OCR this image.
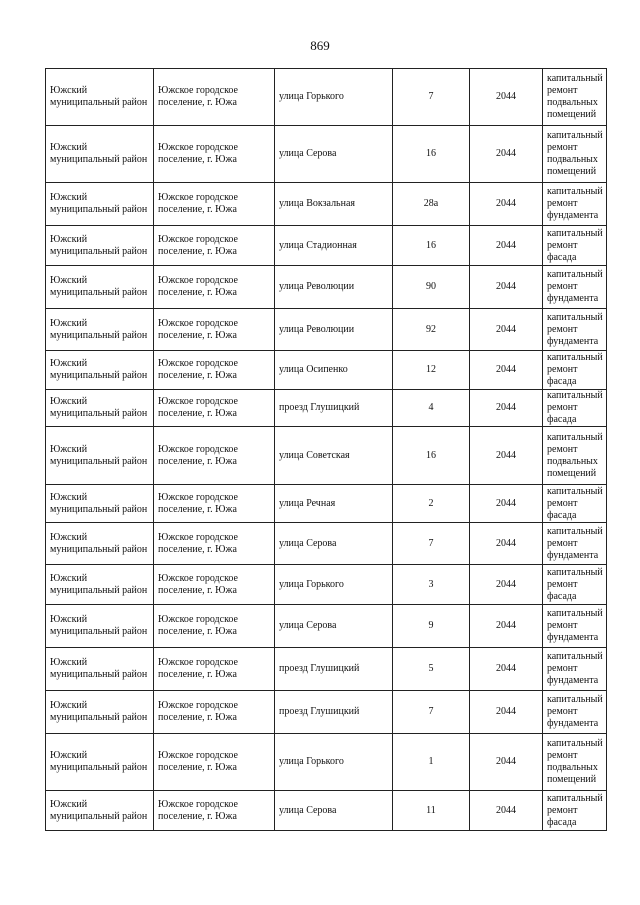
869
Южский муниципальный район	Южское городское поселение, г. Южа	улица Горького	7	2044	капитальный ремонт подвальных помещений
Южский муниципальный район	Южское городское поселение, г. Южа	улица Серова	16	2044	капитальный ремонт подвальных помещений
Южский муниципальный район	Южское городское поселение, г. Южа	улица Вокзальная	28а	2044	капитальный ремонт фундамента
Южский муниципальный район	Южское городское поселение, г. Южа	улица Стадионная	16	2044	капитальный ремонт фасада
Южский муниципальный район	Южское городское поселение, г. Южа	улица Революции	90	2044	капитальный ремонт фундамента
Южский муниципальный район	Южское городское поселение, г. Южа	улица Революции	92	2044	капитальный ремонт фундамента
Южский муниципальный район	Южское городское поселение, г. Южа	улица Осипенко	12	2044	капитальный ремонт фасада
Южский муниципальный район	Южское городское поселение, г. Южа	проезд Глушицкий	4	2044	капитальный ремонт фасада
Южский муниципальный район	Южское городское поселение, г. Южа	улица Советская	16	2044	капитальный ремонт подвальных помещений
Южский муниципальный район	Южское городское поселение, г. Южа	улица Речная	2	2044	капитальный ремонт фасада
Южский муниципальный район	Южское городское поселение, г. Южа	улица Серова	7	2044	капитальный ремонт фундамента
Южский муниципальный район	Южское городское поселение, г. Южа	улица Горького	3	2044	капитальный ремонт фасада
Южский муниципальный район	Южское городское поселение, г. Южа	улица Серова	9	2044	капитальный ремонт фундамента
Южский муниципальный район	Южское городское поселение, г. Южа	проезд Глушицкий	5	2044	капитальный ремонт фундамента
Южский муниципальный район	Южское городское поселение, г. Южа	проезд Глушицкий	7	2044	капитальный ремонт фундамента
Южский муниципальный район	Южское городское поселение, г. Южа	улица Горького	1	2044	капитальный ремонт подвальных помещений
Южский муниципальный район	Южское городское поселение, г. Южа	улица Серова	11	2044	капитальный ремонт фасада
